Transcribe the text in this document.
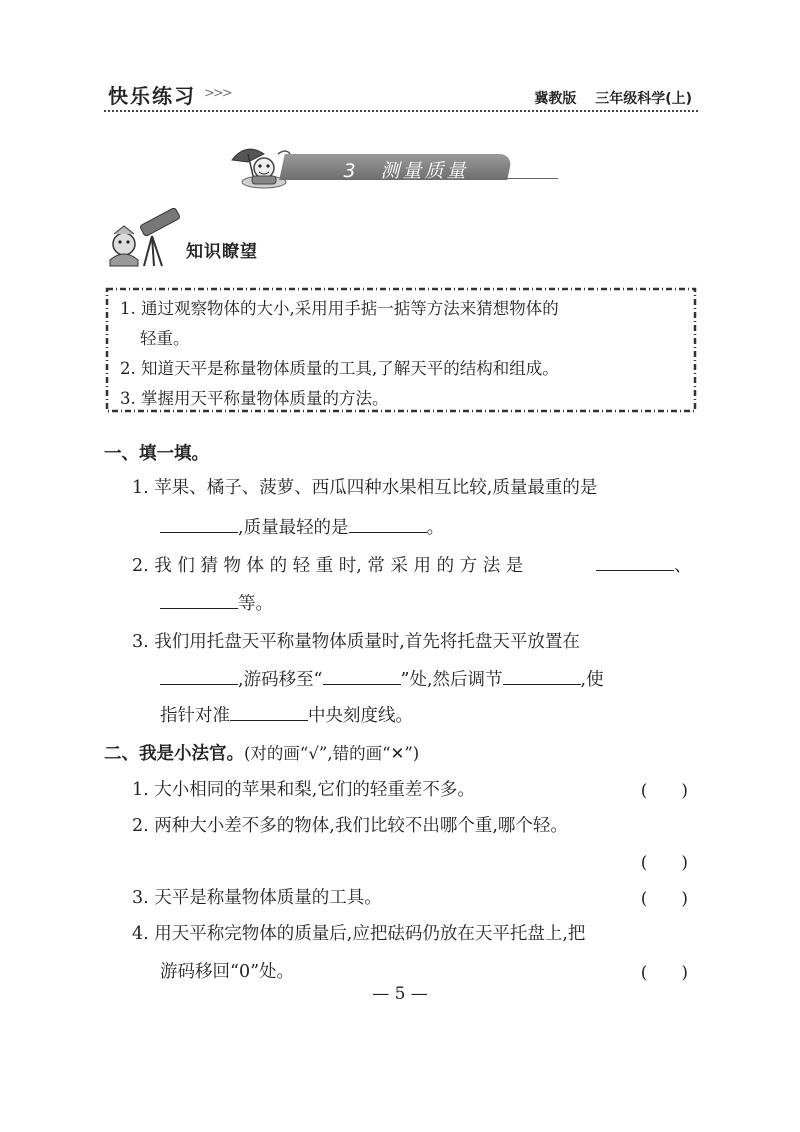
快乐练习 >>>	冀教版 三年级科学(上)
3　测量质量
知识瞭望
1. 通过观察物体的大小,采用用手掂一掂等方法来猜想物体的
轻重。
2. 知道天平是称量物体质量的工具,了解天平的结构和组成。
3. 掌握用天平称量物体质量的方法。
一、填一填。
1. 苹果、橘子、菠萝、西瓜四种水果相互比较,质量最重的是
,质量最轻的是	。
2. 我 们 猜 物 体 的 轻 重 时, 常 采 用 的 方 法 是	、
等。
3. 我们用托盘天平称量物体质量时,首先将托盘天平放置在
,游码移至“	”处,然后调节	,使
指针对准	中央刻度线。
二、我是小法官。(对的画“√”,错的画“✕”)
1. 大小相同的苹果和梨,它们的轻重差不多。	(　　)
2. 两种大小差不多的物体,我们比较不出哪个重,哪个轻。
(　　)
3. 天平是称量物体质量的工具。	(　　)
4. 用天平称完物体的质量后,应把砝码仍放在天平托盘上,把
游码移回“0”处。	(　　)
— 5 —
